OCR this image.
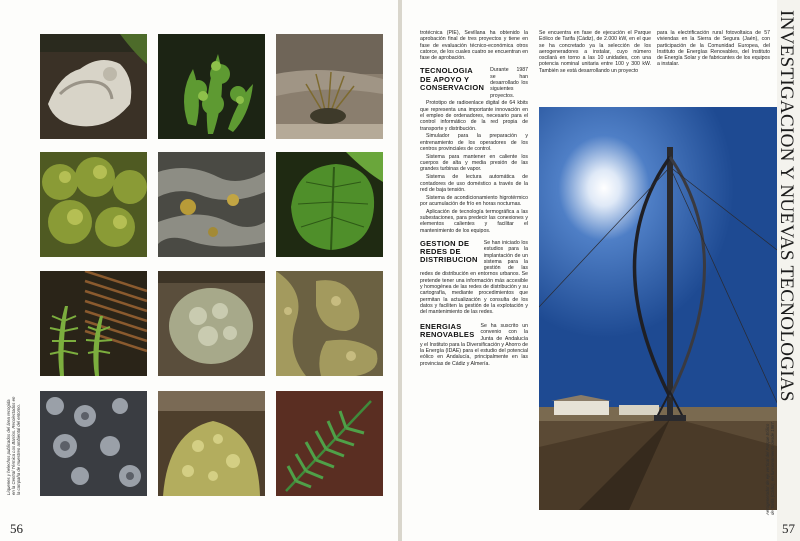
Líquenes y helechos publicados del área recogida en la Central Térmica Los Barrios. Recolectados en la campaña de muestreo ambiental del entorno.
56

trotécnica (PIE), Sevillana ha obtenido la aprobación final de tres proyectos y tiene en fase de evaluación técnico-económica otros catorce, de los cuales cuatro se encuentran en fase de aprobación.

TECNOLOGIA
DE APOYO Y
CONSERVACION

Durante 1987 se han desarrollado los siguientes proyectos.

Prototipo de radioenlace digital de 64 kbits que representa una importante innovación en el empleo de ordenadores, necesario para el control informático de la red propia de transporte y distribución.

Simulador para la preparación y entrenamiento de los operadores de los centros provinciales de control.

Sistema para mantener en caliente los cuerpos de alta y media presión de las grandes turbinas de vapor.

Sistema de lectura automática de contadores de uso doméstico a través de la red de baja tensión.

Sistema de acondicionamiento higrotérmico por acumulación de frío en horas nocturnas.

Aplicación de tecnología termográfica a las subestaciones, para predecir las conexiones y elementos calientes y facilitar el mantenimiento de los equipos.

GESTION DE
REDES DE
DISTRIBUCION

Se han iniciado los estudios para la implantación de un sistema para la gestión de las redes de distribución en entornos urbanos. Se pretende tener una información más accesible y homogénea de las redes de distribución y su cartografía, mediante procedimientos que permitan la actualización y consulta de los datos y faciliten la gestión de la explotación y del mantenimiento de las redes.

ENERGIAS
RENOVABLES

Se ha suscrito un convenio con la Junta de Andalucía y el Instituto para la Diversificación y Ahorro de la Energía (IDAE) para el estudio del potencial eólico en Andalucía, principalmente en las provincias de Cádiz y Almería.

Se encuentra en fase de ejecución el Parque Eólico de Tarifa (Cádiz), de 2.000 kW, en el que se ha concretado ya la selección de los aerogeneradores a instalar, cuyo número oscilará en torno a las 10 unidades, con una potencia nominal unitaria entre 100 y 300 kW. También se está desarrollando un proyecto

para la electrificación rural fotovoltaica de 57 viviendas en la Sierra de Segura (Jaén), con participación de la Comunidad Europea, del Instituto de Energías Renovables, del Instituto de Energía Solar y de fabricantes de los equipos a instalar.

57
INVESTIGACION Y NUEVAS TECNOLOGIAS
Aerogenerador de eje vertical del Parque Eólico de Tarifa (Cádiz), en funcionamiento desde 1987.
